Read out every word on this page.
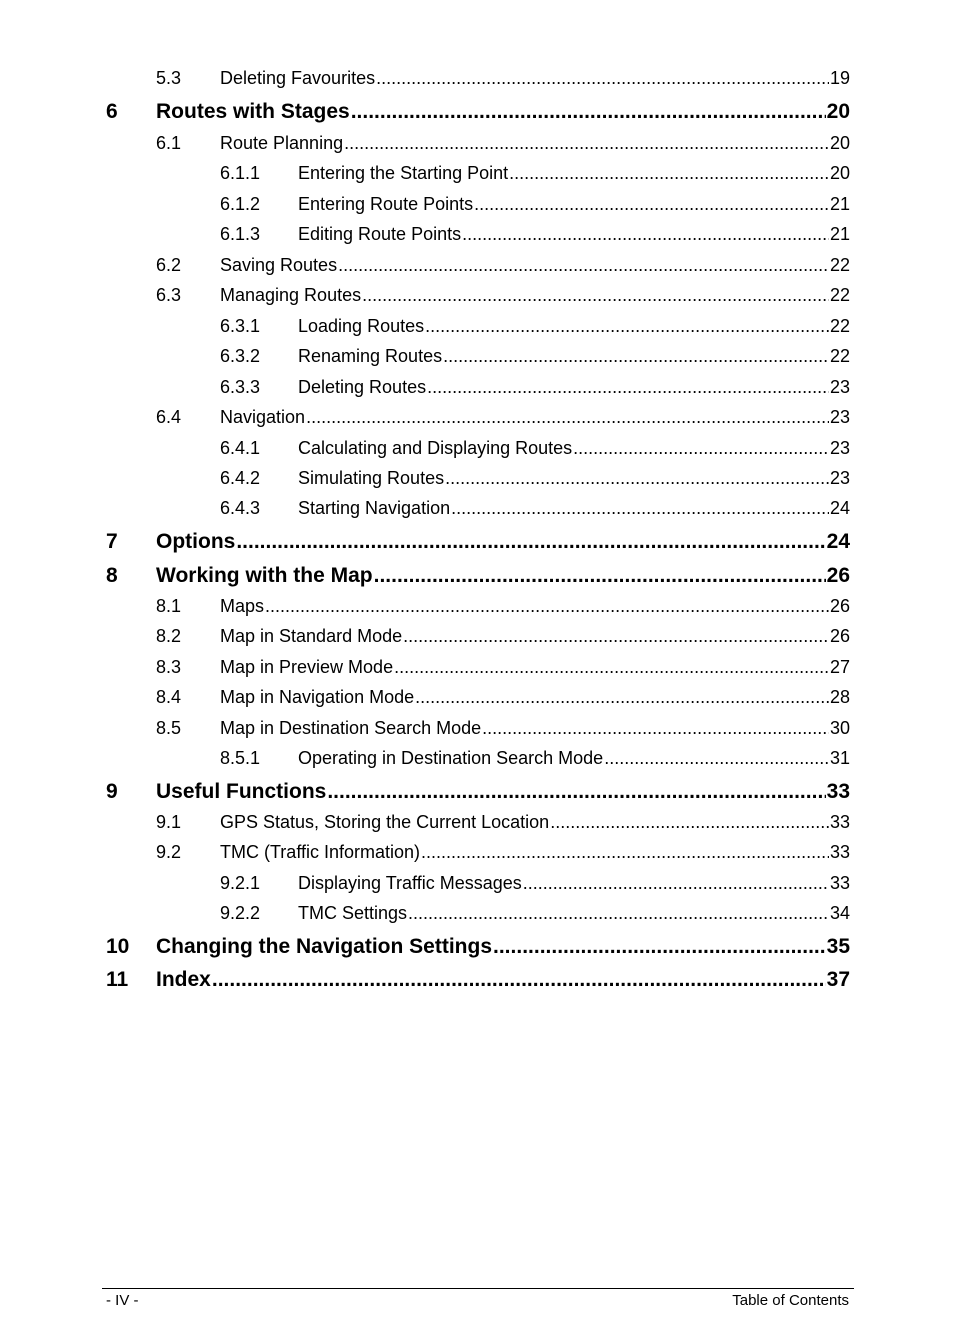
5.3 Deleting Favourites .....	19
6 Routes with Stages .....	20
6.1 Route Planning .....	20
6.1.1 Entering the Starting Point .....	20
6.1.2 Entering Route Points .....	21
6.1.3 Editing Route Points .....	21
6.2 Saving Routes .....	22
6.3 Managing Routes .....	22
6.3.1 Loading Routes .....	22
6.3.2 Renaming Routes .....	22
6.3.3 Deleting Routes .....	23
6.4 Navigation .....	23
6.4.1 Calculating and Displaying Routes .....	23
6.4.2 Simulating Routes .....	23
6.4.3 Starting Navigation .....	24
7 Options .....	24
8 Working with the Map .....	26
8.1 Maps .....	26
8.2 Map in Standard Mode .....	26
8.3 Map in Preview Mode .....	27
8.4 Map in Navigation Mode .....	28
8.5 Map in Destination Search Mode .....	30
8.5.1 Operating in Destination Search Mode .....	31
9 Useful Functions .....	33
9.1 GPS Status, Storing the Current Location .....	33
9.2 TMC (Traffic Information) .....	33
9.2.1 Displaying Traffic Messages .....	33
9.2.2 TMC Settings .....	34
10 Changing the Navigation Settings .....	35
11 Index .....	37
- IV -	Table of Contents
